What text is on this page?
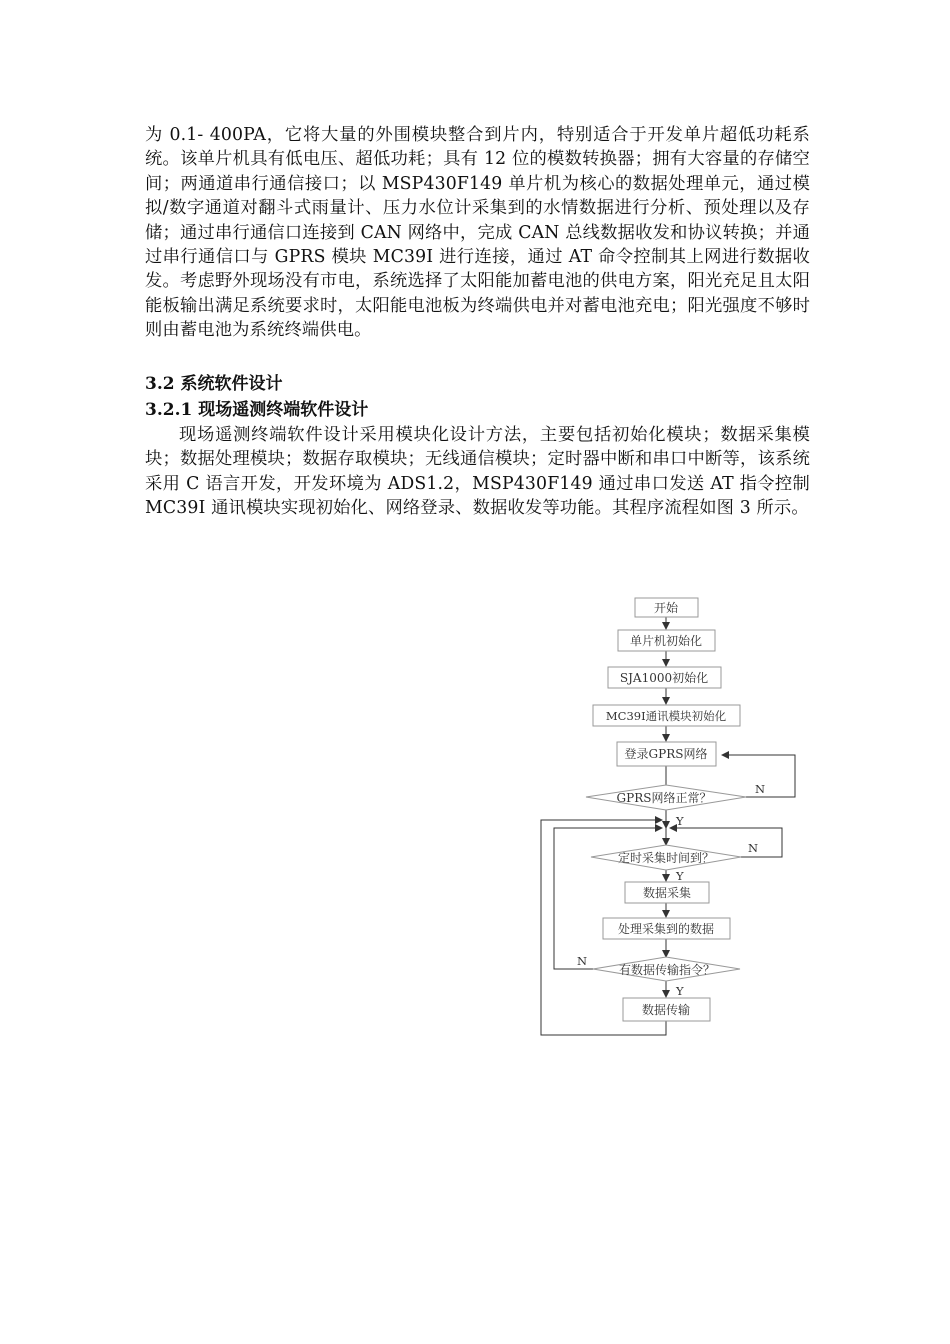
为 0.1- 400PA，它将大量的外围模块整合到片内，特别适合于开发单片超低功耗系统。该单片机具有低电压、超低功耗；具有 12 位的模数转换器；拥有大容量的存储空间；两通道串行通信接口；以 MSP430F149 单片机为核心的数据处理单元，通过模拟/数字通道对翻斗式雨量计、压力水位计采集到的水情数据进行分析、预处理以及存储；通过串行通信口连接到 CAN 网络中，完成 CAN 总线数据收发和协议转换；并通过串行通信口与 GPRS 模块 MC39I 进行连接，通过 AT 命令控制其上网进行数据收发。考虑野外现场没有市电，系统选择了太阳能加蓄电池的供电方案，阳光充足且太阳能板输出满足系统要求时，太阳能电池板为终端供电并对蓄电池充电；阳光强度不够时则由蓄电池为系统终端供电。

3.2 系统软件设计
3.2.1 现场遥测终端软件设计

现场遥测终端软件设计采用模块化设计方法，主要包括初始化模块；数据采集模块；数据处理模块；数据存取模块；无线通信模块；定时器中断和串口中断等，该系统采用 C 语言开发，开发环境为 ADS1.2，MSP430F149 通过串口发送 AT 指令控制 MC39I 通讯模块实现初始化、网络登录、数据收发等功能。其程序流程如图 3 所示。

开始
单片机初始化
SJA1000初始化
MC39I通讯模块初始化
登录GPRS网络
GPRS网络正常？
定时采集时间到？
数据采集
处理采集到的数据
有数据传输指令？
数据传输
N
Y
N
Y
N
Y
